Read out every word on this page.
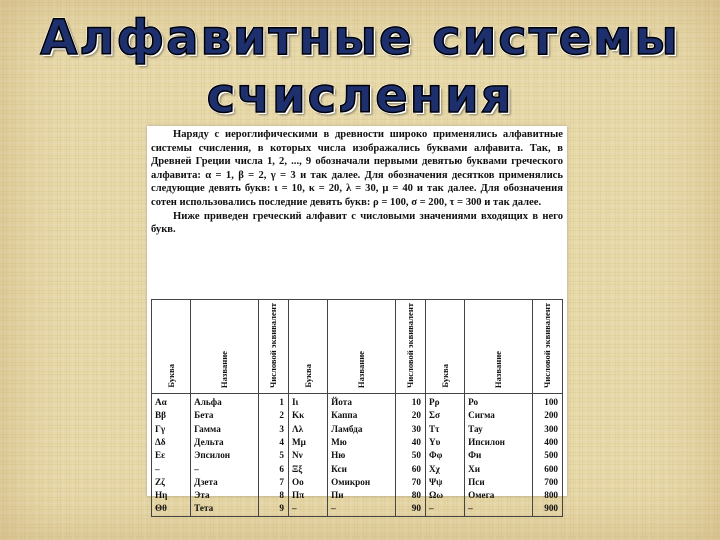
Алфавитные системы
счисления

Наряду с иероглифическими в древности широко применялись алфавитные системы счисления, в которых числа изображались буквами алфавита. Так, в Древней Греции числа 1, 2, ..., 9 обозначали первыми девятью буквами греческого алфавита: α = 1, β = 2, γ = 3 и так далее. Для обозначения десятков применялись следующие девять букв: ι = 10, κ = 20, λ = 30, μ = 40 и так далее. Для обозначения сотен использовались последние девять букв: ρ = 100, σ = 200, τ = 300 и так далее.

Ниже приведен греческий алфавит с числовыми значениями входящих в него букв.

Буква	Название	Числовой эквивалент	Буква	Название	Числовой эквивалент	Буква	Название	Числовой эквивалент
Αα	Альфа	1	Ιι	Йота	10	Ρρ	Ро	100
Ββ	Бета	2	Κκ	Каппа	20	Σσ	Сигма	200
Γγ	Гамма	3	Λλ	Ламбда	30	Ττ	Тау	300
Δδ	Дельта	4	Μμ	Мю	40	Υυ	Ипсилон	400
Εε	Эпсилон	5	Νν	Ню	50	Φφ	Фи	500
–	–	6	Ξξ	Кси	60	Χχ	Хи	600
Ζζ	Дзета	7	Οο	Омикрон	70	Ψψ	Пси	700
Ηη	Эта	8	Ππ	Пи	80	Ωω	Омега	800
Θθ	Тета	9	–	–	90	–	–	900
